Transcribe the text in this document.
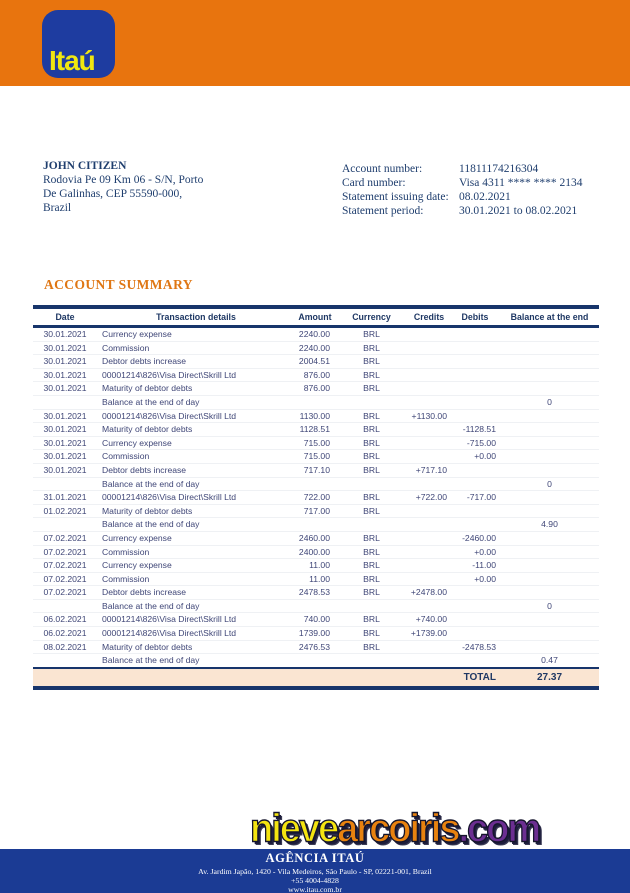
Itaú
JOHN CITIZEN
Rodovia Pe 09 Km 06 - S/N, Porto
De Galinhas, CEP 55590-000,
Brazil
Account number:	11811174216304
Card number:	Visa 4311 **** **** 2134
Statement issuing date: 08.02.2021
Statement period:	30.01.2021 to 08.02.2021
ACCOUNT SUMMARY
Date	Transaction details	Amount	Currency	Credits	Debits	Balance at the end
30.01.2021	Currency expense	2240.00	BRL			
30.01.2021	Commission	2240.00	BRL			
30.01.2021	Debtor debts increase	2004.51	BRL			
30.01.2021	00001214\826\Visa Direct\Skrill Ltd	876.00	BRL			
30.01.2021	Maturity of debtor debts	876.00	BRL			
	Balance at the end of day					0
30.01.2021	00001214\826\Visa Direct\Skrill Ltd	1130.00	BRL	+1130.00		
30.01.2021	Maturity of debtor debts	1128.51	BRL		-1128.51	
30.01.2021	Currency expense	715.00	BRL		-715.00	
30.01.2021	Commission	715.00	BRL		+0.00	
30.01.2021	Debtor debts increase	717.10	BRL	+717.10		
	Balance at the end of day					0
31.01.2021	00001214\826\Visa Direct\Skrill Ltd	722.00	BRL	+722.00	-717.00	
01.02.2021	Maturity of debtor debts	717.00	BRL			
	Balance at the end of day					4.90
07.02.2021	Currency expense	2460.00	BRL		-2460.00	
07.02.2021	Commission	2400.00	BRL		+0.00	
07.02.2021	Currency expense	11.00	BRL		-11.00	
07.02.2021	Commission	11.00	BRL		+0.00	
07.02.2021	Debtor debts increase	2478.53	BRL	+2478.00		
	Balance at the end of day					0
06.02.2021	00001214\826\Visa Direct\Skrill Ltd	740.00	BRL	+740.00		
06.02.2021	00001214\826\Visa Direct\Skrill Ltd	1739.00	BRL	+1739.00		
08.02.2021	Maturity of debtor debts	2476.53	BRL		-2478.53	
	Balance at the end of day					0.47
TOTAL						27.37
nievearcoiris.com
AGÊNCIA ITAÚ
Av. Jardim Japão, 1420 - Vila Medeiros, São Paulo - SP, 02221-001, Brazil
+55 4004-4828
www.itau.com.br
